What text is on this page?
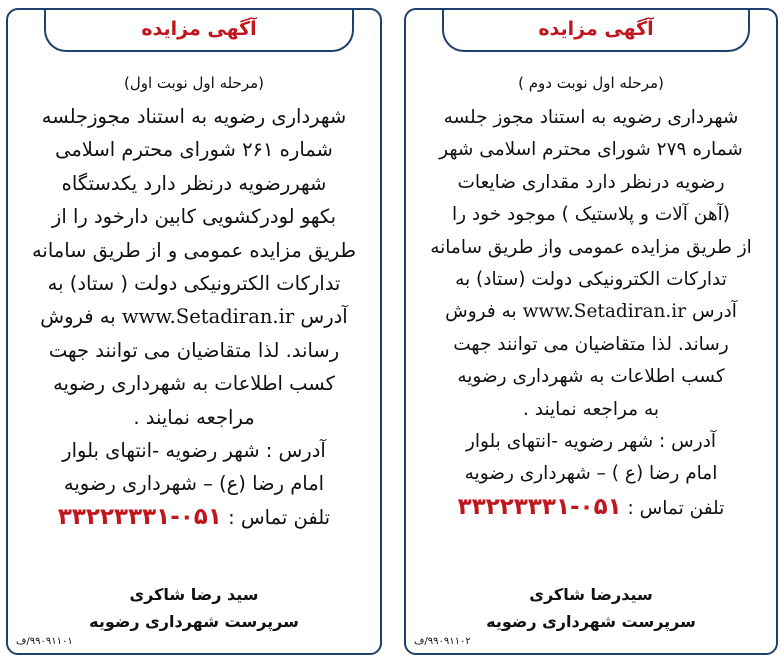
آگهی مزایده
(مرحله اول نوبت اول)
شهرداری رضویه به استناد مجوزجلسه
شماره ۲۶۱ شورای محترم اسلامی
شهررضویه درنظر دارد یکدستگاه
بکهو لودرکشویی کابین دارخود را از
طریق مزایده عمومی و از طریق سامانه
تدارکات الکترونیکی دولت ( ستاد) به
آدرس www.Setadiran.ir به فروش
رساند. لذا متقاضیان می توانند جهت
کسب اطلاعات به شهرداری رضویه
مراجعه نمایند .
آدرس : شهر رضویه -انتهای بلوار
امام رضا (ع) – شهرداری رضویه
تلفن تماس : ۰۵۱-۳۳۲۲۳۳۳۱
سید رضا شاکری
سرپرست شهرداری رضویه
۹۹۰۹۱۱۰۱/ف
آگهی مزایده
(مرحله اول نوبت دوم )
شهرداری رضویه به استناد مجوز جلسه
شماره ۲۷۹ شورای محترم اسلامی شهر
رضویه درنظر دارد مقداری ضایعات
(آهن آلات و پلاستیک ) موجود خود را
از طریق مزایده عمومی واز طریق سامانه
تدارکات الکترونیکی دولت (ستاد) به
آدرس www.Setadiran.ir به فروش
رساند. لذا متقاضیان می توانند جهت
کسب اطلاعات به شهرداری رضویه
به مراجعه نمایند .
آدرس : شهر رضویه -انتهای بلوار
امام رضا (ع ) – شهرداری رضویه
تلفن تماس : ۰۵۱-۳۳۲۲۳۳۳۱
سیدرضا شاکری
سرپرست شهرداری رضویه
۹۹۰۹۱۱۰۲/ف
